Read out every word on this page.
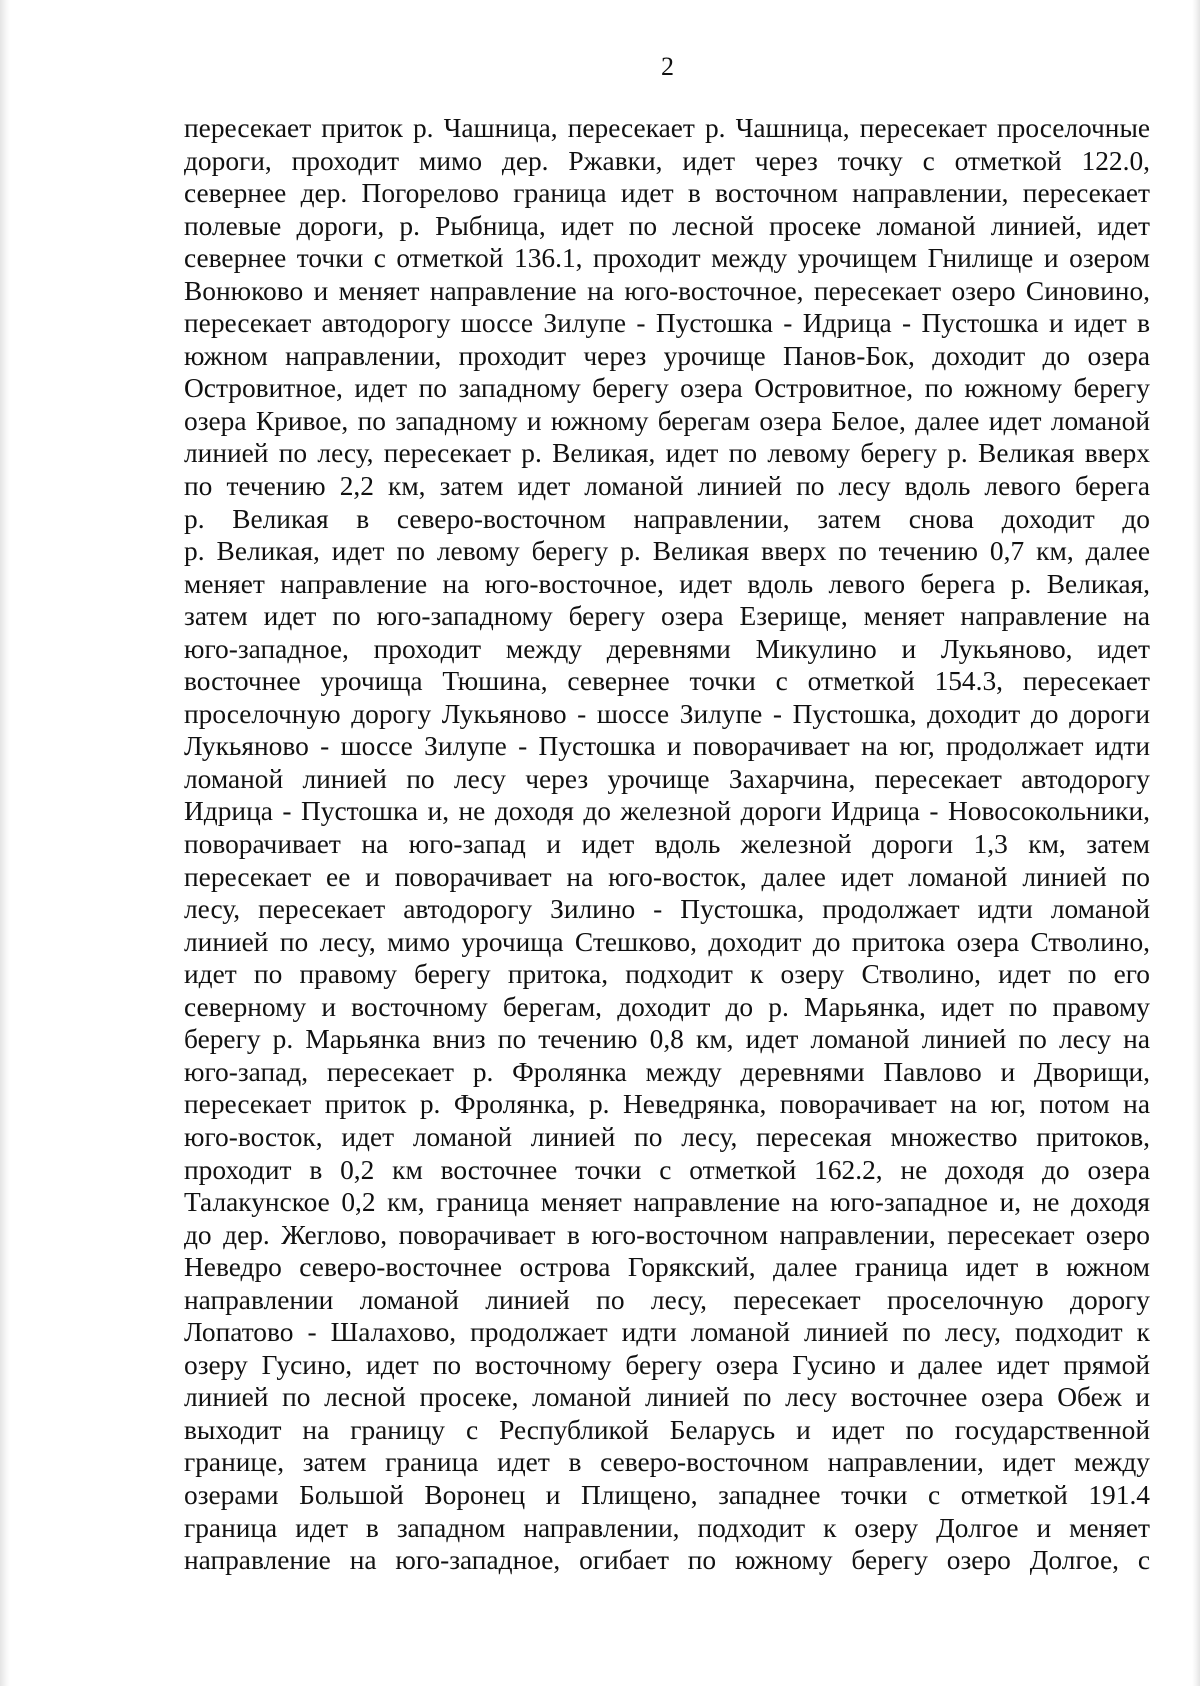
2
пересекает приток р. Чашница, пересекает р. Чашница, пересекает проселочные
дороги, проходит мимо дер. Ржавки, идет через точку с отметкой 122.0,
севернее дер. Погорелово граница идет в восточном направлении, пересекает
полевые дороги, р. Рыбница, идет по лесной просеке ломаной линией, идет
севернее точки с отметкой 136.1, проходит между урочищем Гнилище и озером
Вонюково и меняет направление на юго-восточное, пересекает озеро Синовино,
пересекает автодорогу шоссе Зилупе - Пустошка - Идрица - Пустошка и идет в
южном направлении, проходит через урочище Панов-Бок, доходит до озера
Островитное, идет по западному берегу озера Островитное, по южному берегу
озера Кривое, по западному и южному берегам озера Белое, далее идет ломаной
линией по лесу, пересекает р. Великая, идет по левому берегу р. Великая вверх
по течению 2,2 км, затем идет ломаной линией по лесу вдоль левого берега
р. Великая в северо-восточном направлении, затем снова доходит до
р. Великая, идет по левому берегу р. Великая вверх по течению 0,7 км, далее
меняет направление на юго-восточное, идет вдоль левого берега р. Великая,
затем идет по юго-западному берегу озера Езерище, меняет направление на
юго-западное, проходит между деревнями Микулино и Лукьяново, идет
восточнее урочища Тюшина, севернее точки с отметкой 154.3, пересекает
проселочную дорогу Лукьяново - шоссе Зилупе - Пустошка, доходит до дороги
Лукьяново - шоссе Зилупе - Пустошка и поворачивает на юг, продолжает идти
ломаной линией по лесу через урочище Захарчина, пересекает автодорогу
Идрица - Пустошка и, не доходя до железной дороги Идрица - Новосокольники,
поворачивает на юго-запад и идет вдоль железной дороги 1,3 км, затем
пересекает ее и поворачивает на юго-восток, далее идет ломаной линией по
лесу, пересекает автодорогу Зилино - Пустошка, продолжает идти ломаной
линией по лесу, мимо урочища Стешково, доходит до притока озера Стволино,
идет по правому берегу притока, подходит к озеру Стволино, идет по его
северному и восточному берегам, доходит до р. Марьянка, идет по правому
берегу р. Марьянка вниз по течению 0,8 км, идет ломаной линией по лесу на
юго-запад, пересекает р. Фролянка между деревнями Павлово и Дворищи,
пересекает приток р. Фролянка, р. Неведрянка, поворачивает на юг, потом на
юго-восток, идет ломаной линией по лесу, пересекая множество притоков,
проходит в 0,2 км восточнее точки с отметкой 162.2, не доходя до озера
Талакунское 0,2 км, граница меняет направление на юго-западное и, не доходя
до дер. Жеглово, поворачивает в юго-восточном направлении, пересекает озеро
Неведро северо-восточнее острова Горякский, далее граница идет в южном
направлении ломаной линией по лесу, пересекает проселочную дорогу
Лопатово - Шалахово, продолжает идти ломаной линией по лесу, подходит к
озеру Гусино, идет по восточному берегу озера Гусино и далее идет прямой
линией по лесной просеке, ломаной линией по лесу восточнее озера Обеж и
выходит на границу с Республикой Беларусь и идет по государственной
границе, затем граница идет в северо-восточном направлении, идет между
озерами Большой Воронец и Плищено, западнее точки с отметкой 191.4
граница идет в западном направлении, подходит к озеру Долгое и меняет
направление на юго-западное, огибает по южному берегу озеро Долгое, с
